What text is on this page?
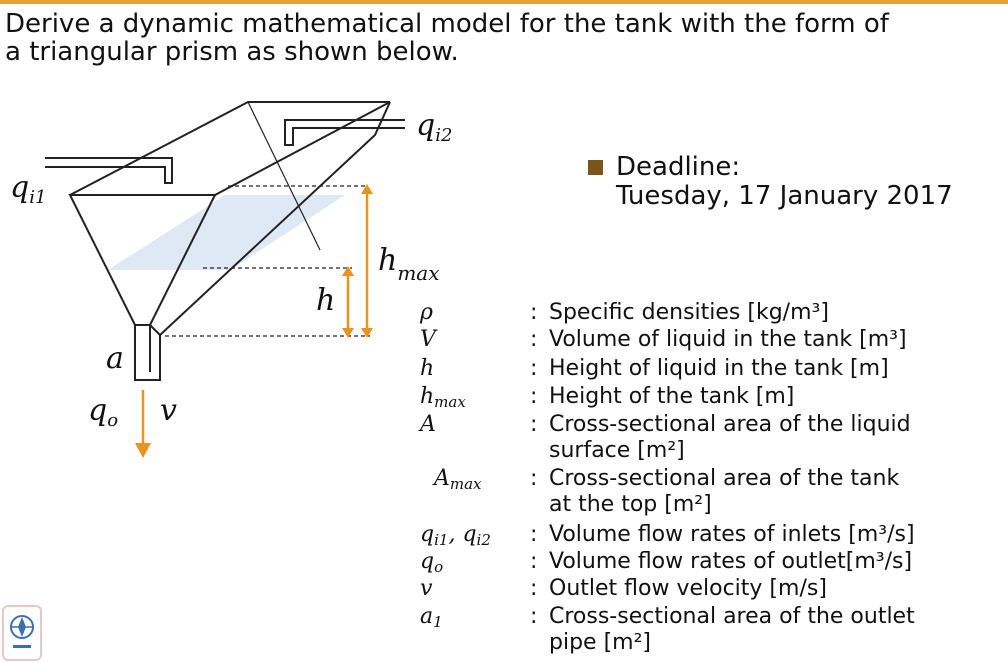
Derive a dynamic mathematical model for the tank with the form of
a triangular prism as shown below.
$q_{i1}$
$q_{i2}$
$h_{max}$
h
a
$q_o$ v
Deadline:
Tuesday, 17 January 2017
ρ	: Specific densities [kg/m³]
V	: Volume of liquid in the tank [m³]
h	: Height of liquid in the tank [m]
$h_{max}$	: Height of the tank [m]
A	: Cross-sectional area of the liquid
surface [m²]
$A_{max}$	: Cross-sectional area of the tank
at the top [m²]
$q_{i1}$, $q_{i2}$	: Volume flow rates of inlets [m³/s]
$q_o$	: Volume flow rates of outlet[m³/s]
v	: Outlet flow velocity [m/s]
$a_1$	: Cross-sectional area of the outlet
pipe [m²]
